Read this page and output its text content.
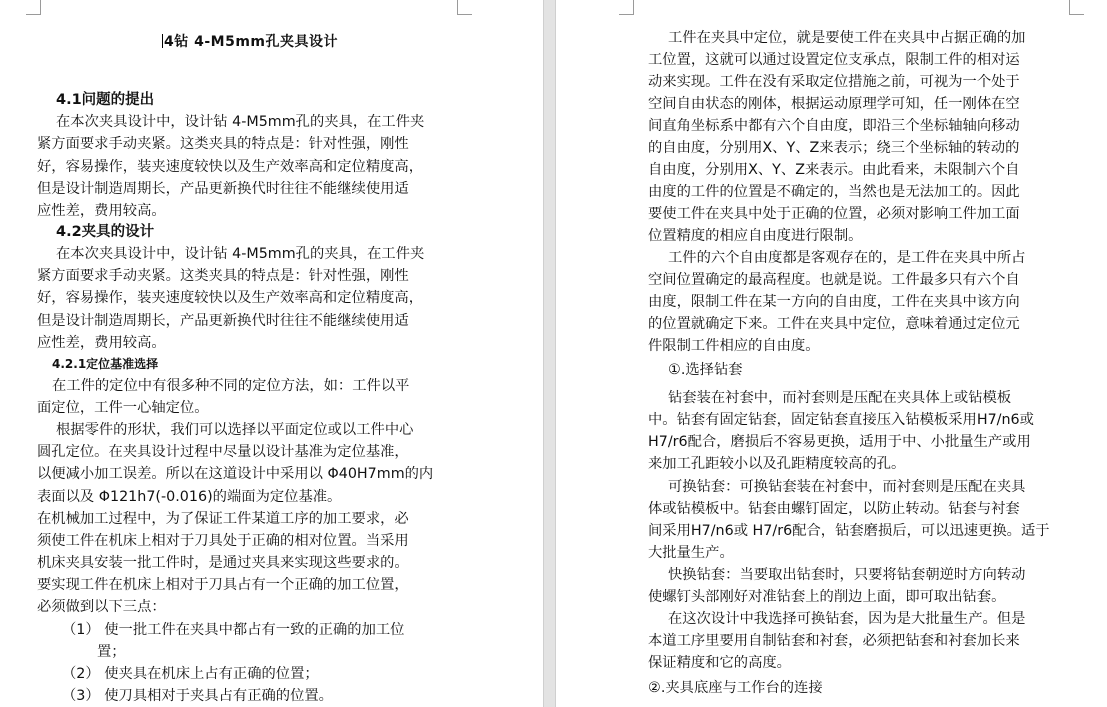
4钻 4-M5mm孔夹具设计
4.1问题的提出
在本次夹具设计中，设计钻 4-M5mm孔的夹具，在工件夹
紧方面要求手动夹紧。这类夹具的特点是：针对性强，刚性
好，容易操作，装夹速度较快以及生产效率高和定位精度高，
但是设计制造周期长，产品更新换代时往往不能继续使用适
应性差，费用较高。
4.2夹具的设计
在本次夹具设计中，设计钻 4-M5mm孔的夹具，在工件夹
紧方面要求手动夹紧。这类夹具的特点是：针对性强，刚性
好，容易操作，装夹速度较快以及生产效率高和定位精度高，
但是设计制造周期长，产品更新换代时往往不能继续使用适
应性差，费用较高。
4.2.1定位基准选择
在工件的定位中有很多种不同的定位方法，如：工件以平
面定位，工件一心轴定位。
根据零件的形状，我们可以选择以平面定位或以工件中心
圆孔定位。在夹具设计过程中尽量以设计基准为定位基准，
以便减小加工误差。所以在这道设计中采用以 Φ40H7mm的内
表面以及 Φ121h7(-0.016)的端面为定位基准。
在机械加工过程中，为了保证工件某道工序的加工要求，必
须使工件在机床上相对于刀具处于正确的相对位置。当采用
机床夹具安装一批工件时，是通过夹具来实现这些要求的。
要实现工件在机床上相对于刀具占有一个正确的加工位置，
必须做到以下三点：
（1） 使一批工件在夹具中都占有一致的正确的加工位
置；
（2） 使夹具在机床上占有正确的位置；
（3） 使刀具相对于夹具占有正确的位置。
工件在夹具中定位，就是要使工件在夹具中占据正确的加
工位置，这就可以通过设置定位支承点，限制工件的相对运
动来实现。工件在没有采取定位措施之前，可视为一个处于
空间自由状态的刚体，根据运动原理学可知，任一刚体在空
间直角坐标系中都有六个自由度，即沿三个坐标轴轴向移动
的自由度，分别用X、Y、Z来表示；绕三个坐标轴的转动的
自由度，分别用X、Y、Z来表示。由此看来，未限制六个自
由度的工件的位置是不确定的，当然也是无法加工的。因此
要使工件在夹具中处于正确的位置，必须对影响工件加工面
位置精度的相应自由度进行限制。
工件的六个自由度都是客观存在的，是工件在夹具中所占
空间位置确定的最高程度。也就是说。工件最多只有六个自
由度，限制工件在某一方向的自由度，工件在夹具中该方向
的位置就确定下来。工件在夹具中定位，意味着通过定位元
件限制工件相应的自由度。
①.选择钻套
钻套装在衬套中，而衬套则是压配在夹具体上或钻模板
中。钻套有固定钻套，固定钻套直接压入钻模板采用H7/n6或
H7/r6配合，磨损后不容易更换，适用于中、小批量生产或用
来加工孔距较小以及孔距精度较高的孔。
可换钻套：可换钻套装在衬套中，而衬套则是压配在夹具
体或钻模板中。钻套由螺钉固定，以防止转动。钻套与衬套
间采用H7/n6或 H7/r6配合，钻套磨损后，可以迅速更换。适于
大批量生产。
快换钻套：当要取出钻套时，只要将钻套朝逆时方向转动
使螺钉头部刚好对准钻套上的削边上面，即可取出钻套。
在这次设计中我选择可换钻套，因为是大批量生产。但是
本道工序里要用自制钻套和衬套，必须把钻套和衬套加长来
保证精度和它的高度。
②.夹具底座与工作台的连接
